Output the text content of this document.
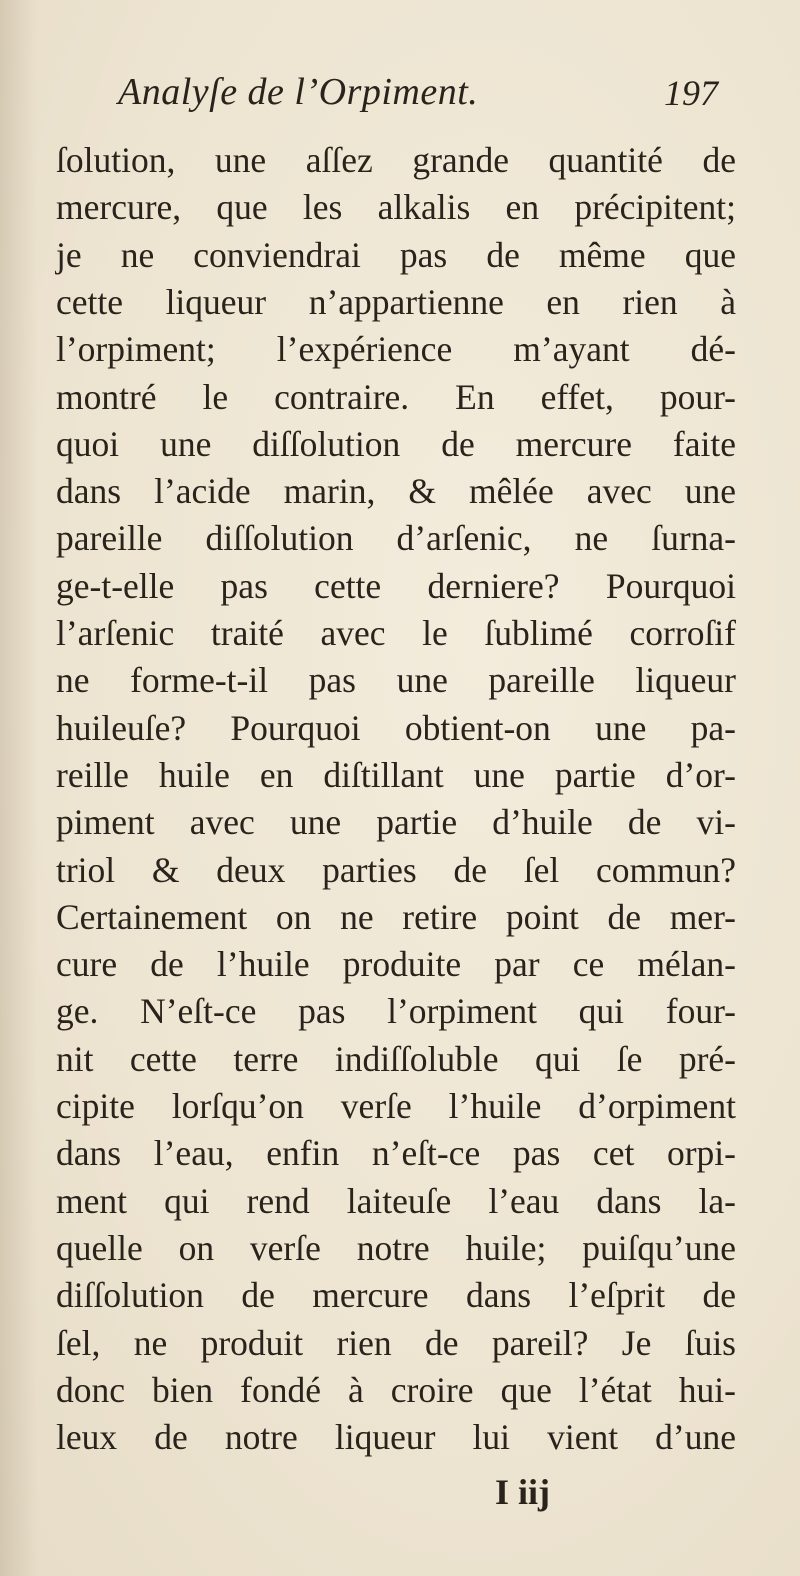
Analyſe de l’Orpiment.	197
ſolution, une aſſez grande quantité de
mercure, que les alkalis en précipitent;
je ne conviendrai pas de même que
cette liqueur n’appartienne en rien à
l’orpiment; l’expérience m’ayant dé-
montré le contraire. En effet, pour-
quoi une diſſolution de mercure faite
dans l’acide marin, & mêlée avec une
pareille diſſolution d’arſenic, ne ſurna-
ge-t-elle pas cette derniere? Pourquoi
l’arſenic traité avec le ſublimé corroſif
ne forme-t-il pas une pareille liqueur
huileuſe? Pourquoi obtient-on une pa-
reille huile en diſtillant une partie d’or-
piment avec une partie d’huile de vi-
triol & deux parties de ſel commun?
Certainement on ne retire point de mer-
cure de l’huile produite par ce mélan-
ge. N’eſt-ce pas l’orpiment qui four-
nit cette terre indiſſoluble qui ſe pré-
cipite lorſqu’on verſe l’huile d’orpiment
dans l’eau, enfin n’eſt-ce pas cet orpi-
ment qui rend laiteuſe l’eau dans la-
quelle on verſe notre huile; puiſqu’une
diſſolution de mercure dans l’eſprit de
ſel, ne produit rien de pareil? Je ſuis
donc bien fondé à croire que l’état hui-
leux de notre liqueur lui vient d’une
I iij
